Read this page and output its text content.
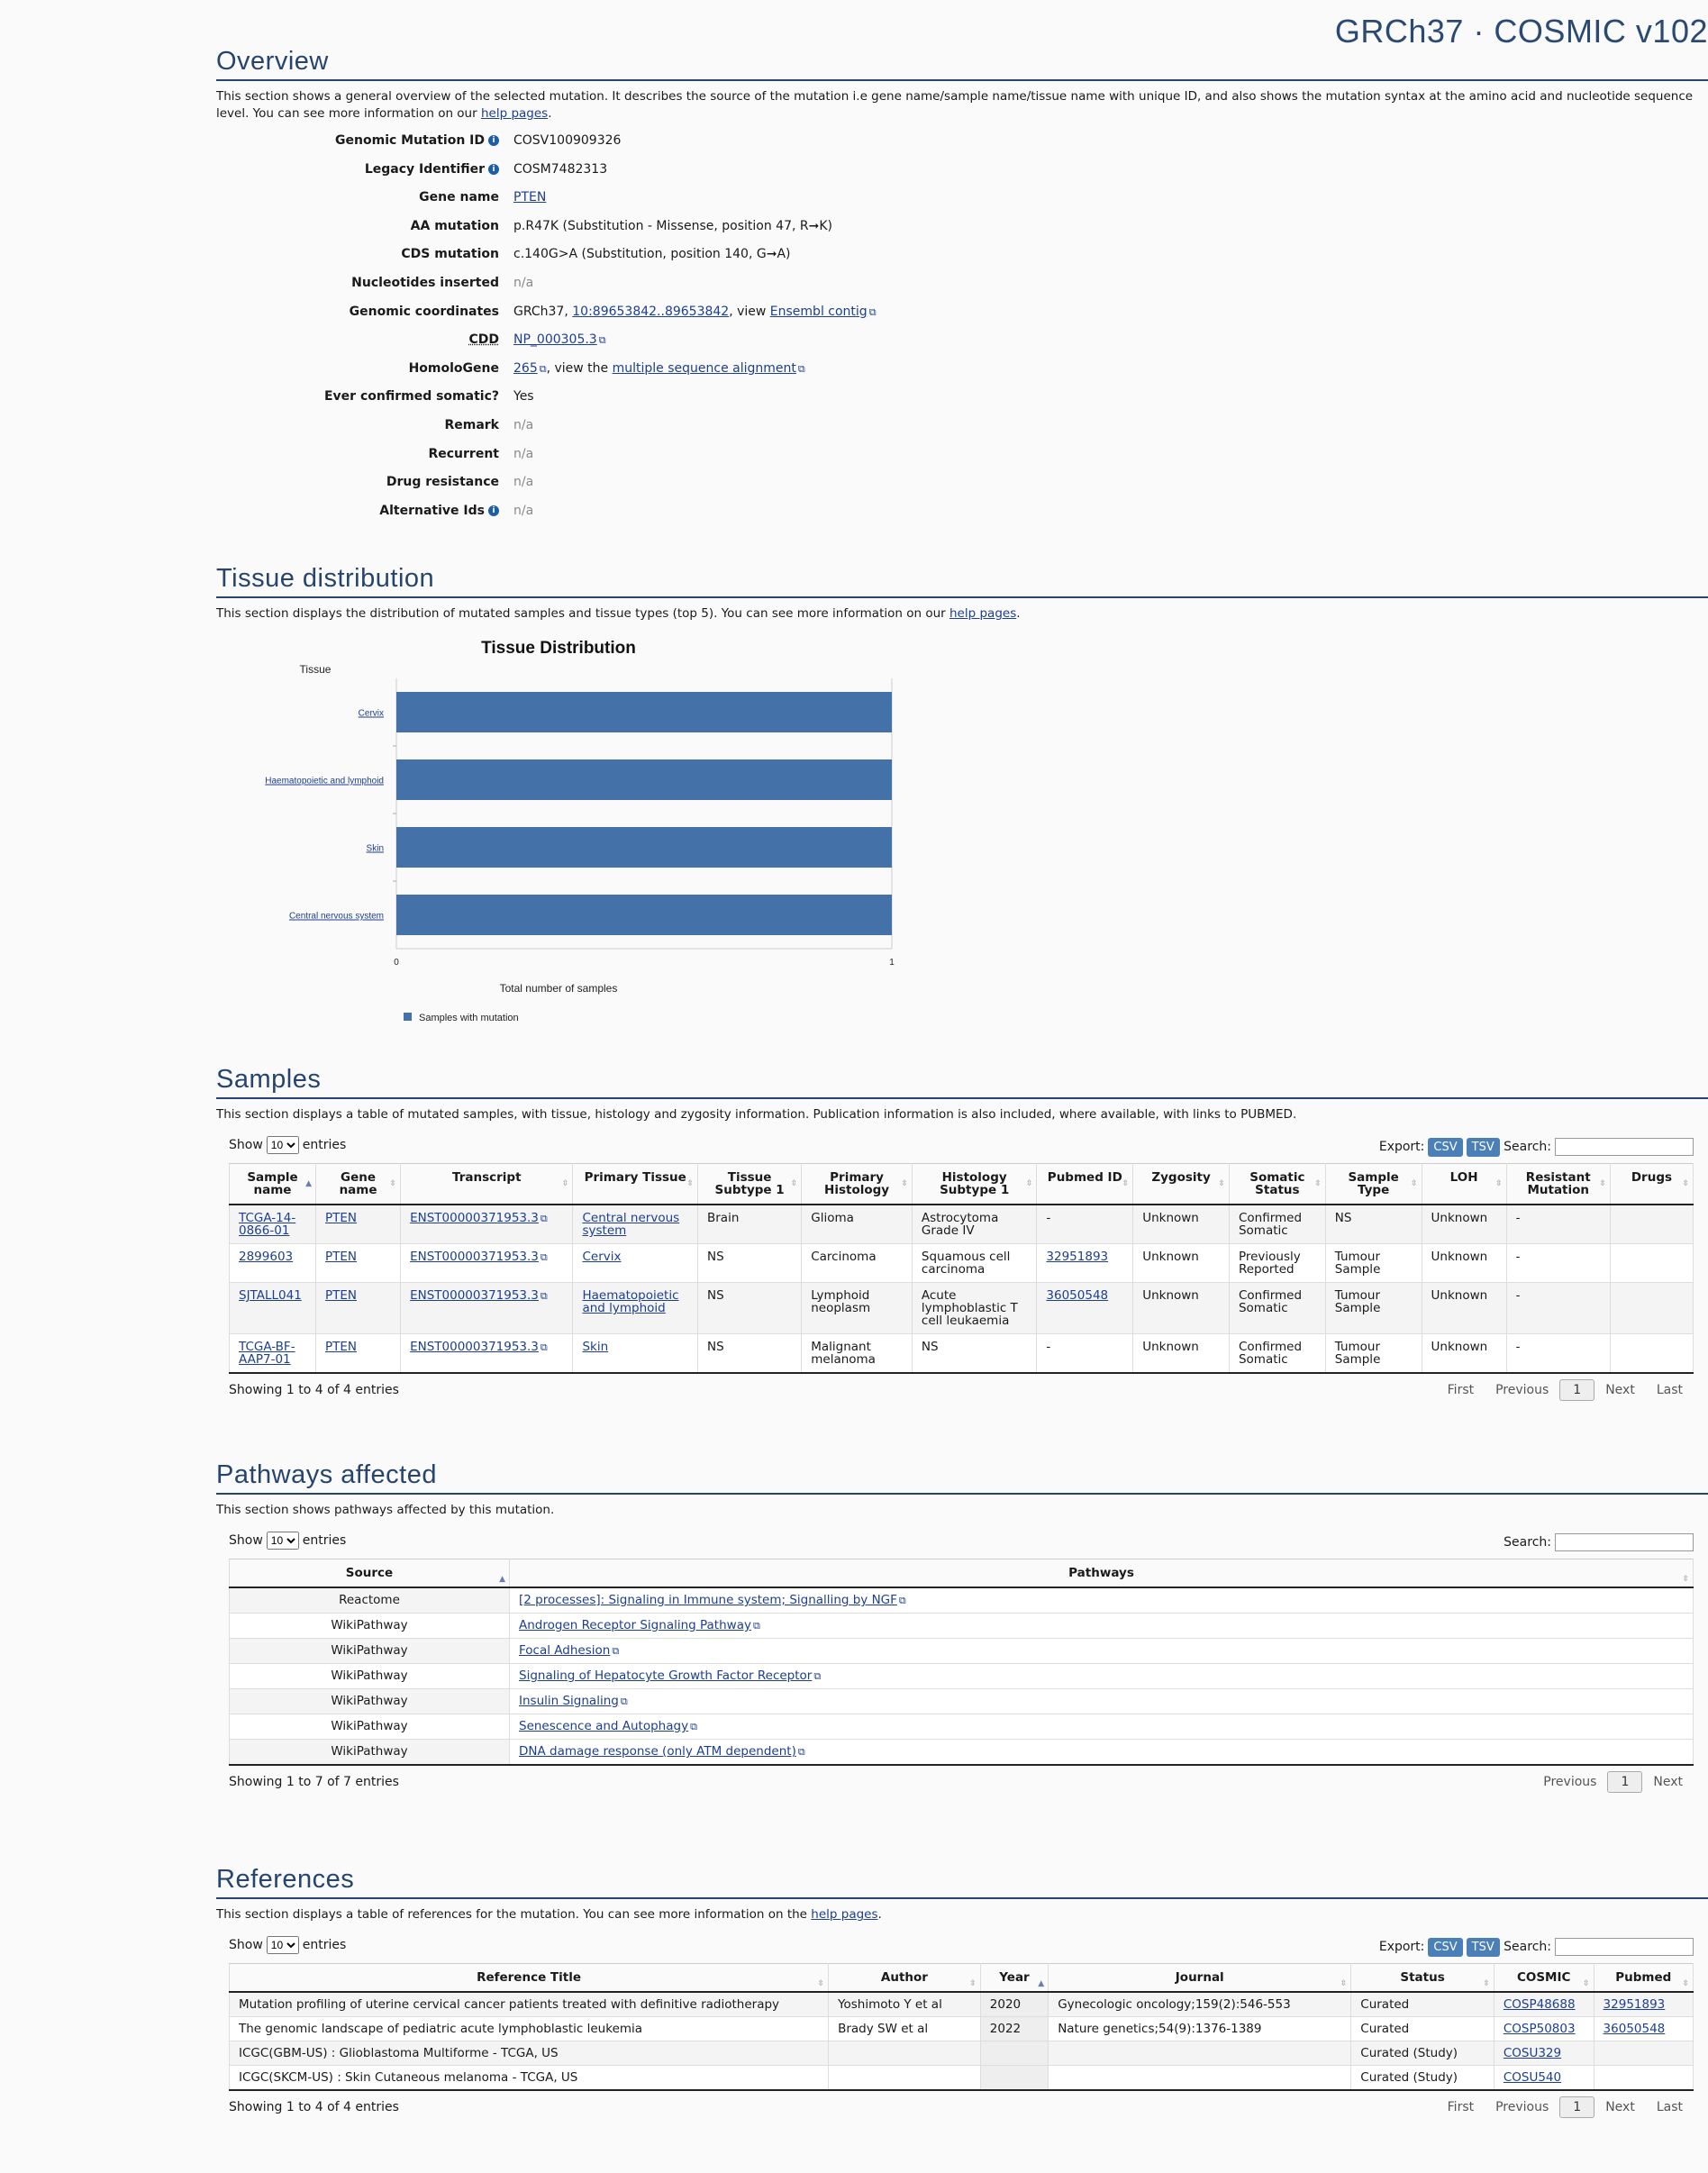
GRCh37 · COSMIC v102
Overview

This section shows a general overview of the selected mutation. It describes the source of the mutation i.e gene name/sample name/tissue name with unique ID, and also shows the mutation syntax at the amino acid and nucleotide sequence level. You can see more information on our help pages.

Genomic Mutation ID i	COSV100909326
Legacy Identifier i	COSM7482313
Gene name	PTEN
AA mutation	p.R47K (Substitution - Missense, position 47, R➞K)
CDS mutation	c.140G>A (Substitution, position 140, G➞A)
Nucleotides inserted	n/a
Genomic coordinates	GRCh37, 10:89653842..89653842, view Ensembl contig ⧉
CDD	NP_000305.3 ⧉
HomoloGene	265 ⧉, view the multiple sequence alignment ⧉
Ever confirmed somatic?	Yes
Remark	n/a
Recurrent	n/a
Drug resistance	n/a
Alternative Ids i	n/a
Tissue distribution

This section displays the distribution of mutated samples and tissue types (top 5). You can see more information on our help pages.

Tissue Distribution
Tissue
Total number of samples
Cervix
Haematopoietic and lymphoid
Skin
Central nervous system
0	1
Samples with mutation
Samples

This section displays a table of mutated samples, with tissue, histology and zygosity information. Publication information is also included, where available, with links to PUBMED.

Show
10	entries	Export: CSV TSV Search:
Sample name ▲	Gene name ⇳	Transcript ⇳	Primary Tissue ⇳	Tissue Subtype 1 ⇳	Primary Histology ⇳	Histology Subtype 1 ⇳	Pubmed ID ⇳	Zygosity ⇳	Somatic Status ⇳	Sample Type ⇳	LOH ⇳	Resistant Mutation ⇳	Drugs ⇳

TCGA-14-0866-01	PTEN	ENST00000371953.3 ⧉	Central nervous system	Brain	Glioma	Astrocytoma Grade IV	-	Unknown	Confirmed Somatic	NS	Unknown	-	
2899603	PTEN	ENST00000371953.3 ⧉	Cervix	NS	Carcinoma	Squamous cell carcinoma	32951893	Unknown	Previously Reported	Tumour Sample	Unknown	-	
SJTALL041	PTEN	ENST00000371953.3 ⧉	Haematopoietic and lymphoid	NS	Lymphoid neoplasm	Acute lymphoblastic T cell leukaemia	36050548	Unknown	Confirmed Somatic	Tumour Sample	Unknown	-	
TCGA-BF-AAP7-01	PTEN	ENST00000371953.3 ⧉	Skin	NS	Malignant melanoma	NS	-	Unknown	Confirmed Somatic	Tumour Sample	Unknown	-	
Showing 1 to 4 of 4 entries	First	Previous	1	Next	Last
Pathways affected

This section shows pathways affected by this mutation.

Show
10	entries	Search:
Source ▲	Pathways ⇳

Reactome	[2 processes]: Signaling in Immune system; Signalling by NGF ⧉
WikiPathway	Androgen Receptor Signaling Pathway ⧉
WikiPathway	Focal Adhesion ⧉
WikiPathway	Signaling of Hepatocyte Growth Factor Receptor ⧉
WikiPathway	Insulin Signaling ⧉
WikiPathway	Senescence and Autophagy ⧉
WikiPathway	DNA damage response (only ATM dependent) ⧉
Showing 1 to 7 of 7 entries	Previous	1	Next
References

This section displays a table of references for the mutation. You can see more information on the help pages.

Show
10	entries	Export: CSV TSV Search:
Reference Title ⇳	Author ⇳	Year ▲	Journal ⇳	Status ⇳	COSMIC ⇳	Pubmed ⇳

Mutation profiling of uterine cervical cancer patients treated with definitive radiotherapy	Yoshimoto Y et al	2020	Gynecologic oncology;159(2):546-553	Curated	COSP48688	32951893
The genomic landscape of pediatric acute lymphoblastic leukemia	Brady SW et al	2022	Nature genetics;54(9):1376-1389	Curated	COSP50803	36050548
ICGC(GBM-US) : Glioblastoma Multiforme - TCGA, US				Curated (Study)	COSU329	
ICGC(SKCM-US) : Skin Cutaneous melanoma - TCGA, US				Curated (Study)	COSU540	
Showing 1 to 4 of 4 entries	First	Previous	1	Next	Last
